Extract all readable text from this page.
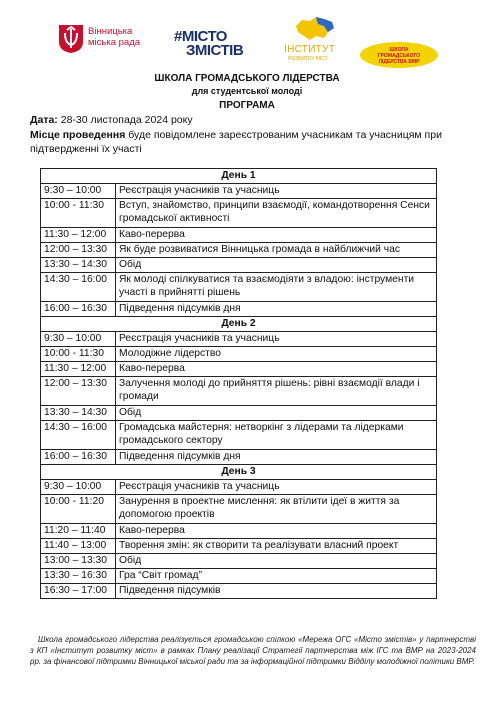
Вінницька
міська рада #МІСТО
ЗМІСТІВ	ІНСТИТУТ
РОЗВИТКУ МІСТ
ШКОЛА
ГРОМАДСЬКОГО
ЛІДЕРСТВА ВМР
ШКОЛА ГРОМАДСЬКОГО ЛІДЕРСТВА
для студентської молоді
ПРОГРАМА
Дата: 28-30 листопада 2024 року
Місце проведення буде повідомлене зареєстрованим учасникам та учасницям при підтвердженні їх участі
День 1	
9:30 – 10:00	Реєстрація учасників та учасниць
10:00 - 11:30	Вступ, знайомство, принципи взаємодії, командотворення Сенси громадської активності
11:30 – 12:00	Каво-перерва
12:00 – 13:30	Як буде розвиватися Вінницька громада в найближчий час
13:30 – 14:30	Обід
14:30 – 16:00	Як молоді спілкуватися та взаємодіяти з владою: інструменти участі в прийнятті рішень
16:00 – 16:30	Підведення підсумків дня
День 2	
9:30 – 10:00	Реєстрація учасників та учасниць
10:00 - 11:30	Молодіжне лідерство
11:30 – 12:00	Каво-перерва
12:00 – 13:30	Залучення молоді до прийняття рішень: рівні взаємодії влади і громади
13:30 – 14:30	Обід
14:30 – 16:00	Громадська майстерня: нетворкінг з лідерами та лідерками громадського сектору
16:00 – 16:30	Підведення підсумків дня
День 3	
9:30 – 10:00	Реєстрація учасників та учасниць
10:00 - 11:20	Занурення в проектне мислення: як втілити ідеї в життя за допомогою проектів
11:20 – 11:40	Каво-перерва
11:40 – 13:00	Творення змін: як створити та реалізувати власний проект
13:00 – 13:30	Обід
13:30 – 16:30	Гра “Світ громад”
16:30 – 17:00	Підведення підсумків
Школа громадського лідерства реалізується громадською спілкою «Мережа ОГС «Місто змістів» у партнерстві з КП «Інститут розвитку міст» в рамках Плану реалізації Стратегії партнерства між ІГС та ВМР на 2023-2024 рр. за фінансової підтримки Вінницької міської ради та за інформаційної підтримки Відділу молодіжної політики ВМР.
